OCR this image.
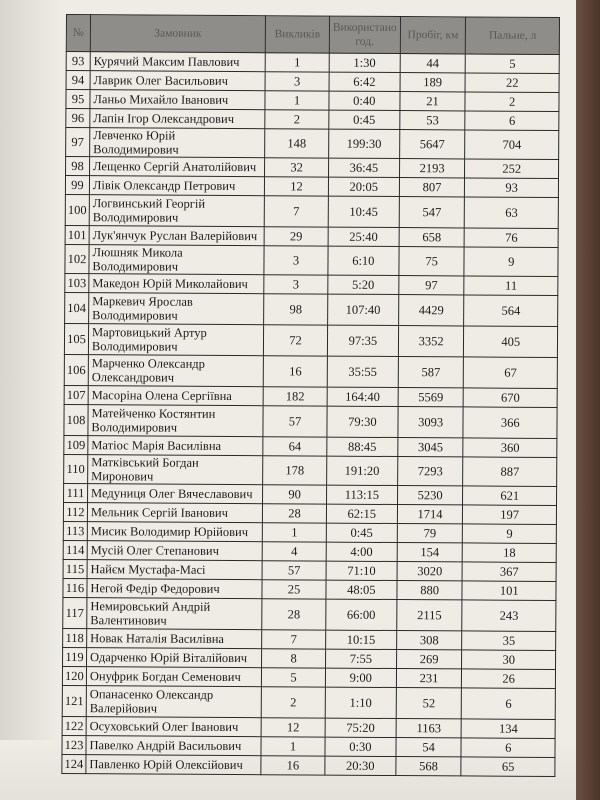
№	Замовник	Викликів	Використано год.	Пробіг, км	Пальне, л
93	Курячий Максим Павлович	1	1:30	44	5
94	Лаврик Олег Васильович	3	6:42	189	22
95	Ланьо Михайло Іванович	1	0:40	21	2
96	Лапін Ігор Олександрович	2	0:45	53	6
97	Левченко Юрій Володимирович	148	199:30	5647	704
98	Лещенко Сергій Анатолійович	32	36:45	2193	252
99	Лівік Олександр Петрович	12	20:05	807	93
100	Логвинський Георгій Володимирович	7	10:45	547	63
101	Лук'янчук Руслан Валерійович	29	25:40	658	76
102	Люшняк Микола Володимирович	3	6:10	75	9
103	Македон Юрій Миколайович	3	5:20	97	11
104	Маркевич Ярослав Володимирович	98	107:40	4429	564
105	Мартовицький Артур Володимирович	72	97:35	3352	405
106	Марченко Олександр Олександрович	16	35:55	587	67
107	Масоріна Олена Сергіївна	182	164:40	5569	670
108	Матейченко Костянтин Володимирович	57	79:30	3093	366
109	Матіос Марія Василівна	64	88:45	3045	360
110	Матківський Богдан Миронович	178	191:20	7293	887
111	Медуниця Олег Вячеславович	90	113:15	5230	621
112	Мельник Сергій Іванович	28	62:15	1714	197
113	Мисик Володимир Юрійович	1	0:45	79	9
114	Мусій Олег Степанович	4	4:00	154	18
115	Найєм Мустафа-Масі	57	71:10	3020	367
116	Негой Федір Федорович	25	48:05	880	101
117	Немировський Андрій Валентинович	28	66:00	2115	243
118	Новак Наталія Василівна	7	10:15	308	35
119	Одарченко Юрій Віталійович	8	7:55	269	30
120	Онуфрик Богдан Семенович	5	9:00	231	26
121	Опанасенко Олександр Валерійович	2	1:10	52	6
122	Осуховський Олег Іванович	12	75:20	1163	134
123	Павелко Андрій Васильович	1	0:30	54	6
124	Павленко Юрій Олексійович	16	20:30	568	65
